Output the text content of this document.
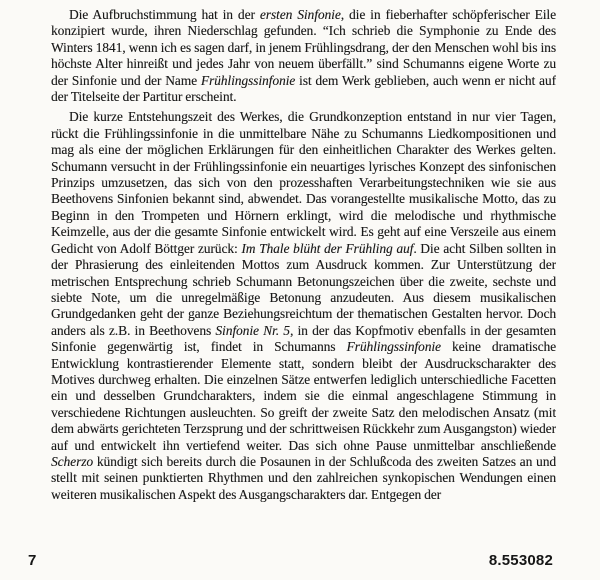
Die Aufbruchstimmung hat in der ersten Sinfonie, die in fieberhafter schöpferischer Eile konzipiert wurde, ihren Niederschlag gefunden. “Ich schrieb die Symphonie zu Ende des Winters 1841, wenn ich es sagen darf, in jenem Frühlingsdrang, der den Menschen wohl bis ins höchste Alter hinreißt und jedes Jahr von neuem überfällt.” sind Schumanns eigene Worte zu der Sinfonie und der Name Frühlingssinfonie ist dem Werk geblieben, auch wenn er nicht auf der Titelseite der Partitur erscheint.

Die kurze Entstehungszeit des Werkes, die Grundkonzeption entstand in nur vier Tagen, rückt die Frühlingssinfonie in die unmittelbare Nähe zu Schumanns Liedkompositionen und mag als eine der möglichen Erklärungen für den einheitlichen Charakter des Werkes gelten. Schumann versucht in der Frühlingssinfonie ein neuartiges lyrisches Konzept des sinfonischen Prinzips umzusetzen, das sich von den prozesshaften Verarbeitungstechniken wie sie aus Beethovens Sinfonien bekannt sind, abwendet. Das vorangestellte musikalische Motto, das zu Beginn in den Trompeten und Hörnern erklingt, wird die melodische und rhythmische Keimzelle, aus der die gesamte Sinfonie entwickelt wird. Es geht auf eine Verszeile aus einem Gedicht von Adolf Böttger zurück: Im Thale blüht der Frühling auf. Die acht Silben sollten in der Phrasierung des einleitenden Mottos zum Ausdruck kommen. Zur Unterstützung der metrischen Entsprechung schrieb Schumann Betonungszeichen über die zweite, sechste und siebte Note, um die unregelmäßige Betonung anzudeuten. Aus diesem musikalischen Grundgedanken geht der ganze Beziehungsreichtum der thematischen Gestalten hervor. Doch anders als z.B. in Beethovens Sinfonie Nr. 5, in der das Kopfmotiv ebenfalls in der gesamten Sinfonie gegenwärtig ist, findet in Schumanns Frühlingssinfonie keine dramatische Entwicklung kontrastierender Elemente statt, sondern bleibt der Ausdruckscharakter des Motives durchweg erhalten. Die einzelnen Sätze entwerfen lediglich unterschiedliche Facetten ein und desselben Grundcharakters, indem sie die einmal angeschlagene Stimmung in verschiedene Richtungen ausleuchten. So greift der zweite Satz den melodischen Ansatz (mit dem abwärts gerichteten Terzsprung und der schrittweisen Rückkehr zum Ausgangston) wieder auf und entwickelt ihn vertiefend weiter. Das sich ohne Pause unmittelbar anschließende Scherzo kündigt sich bereits durch die Posaunen in der Schlußcoda des zweiten Satzes an und stellt mit seinen punktierten Rhythmen und den zahlreichen synkopischen Wendungen einen weiteren musikalischen Aspekt des Ausgangscharakters dar. Entgegen der

7	8.553082
